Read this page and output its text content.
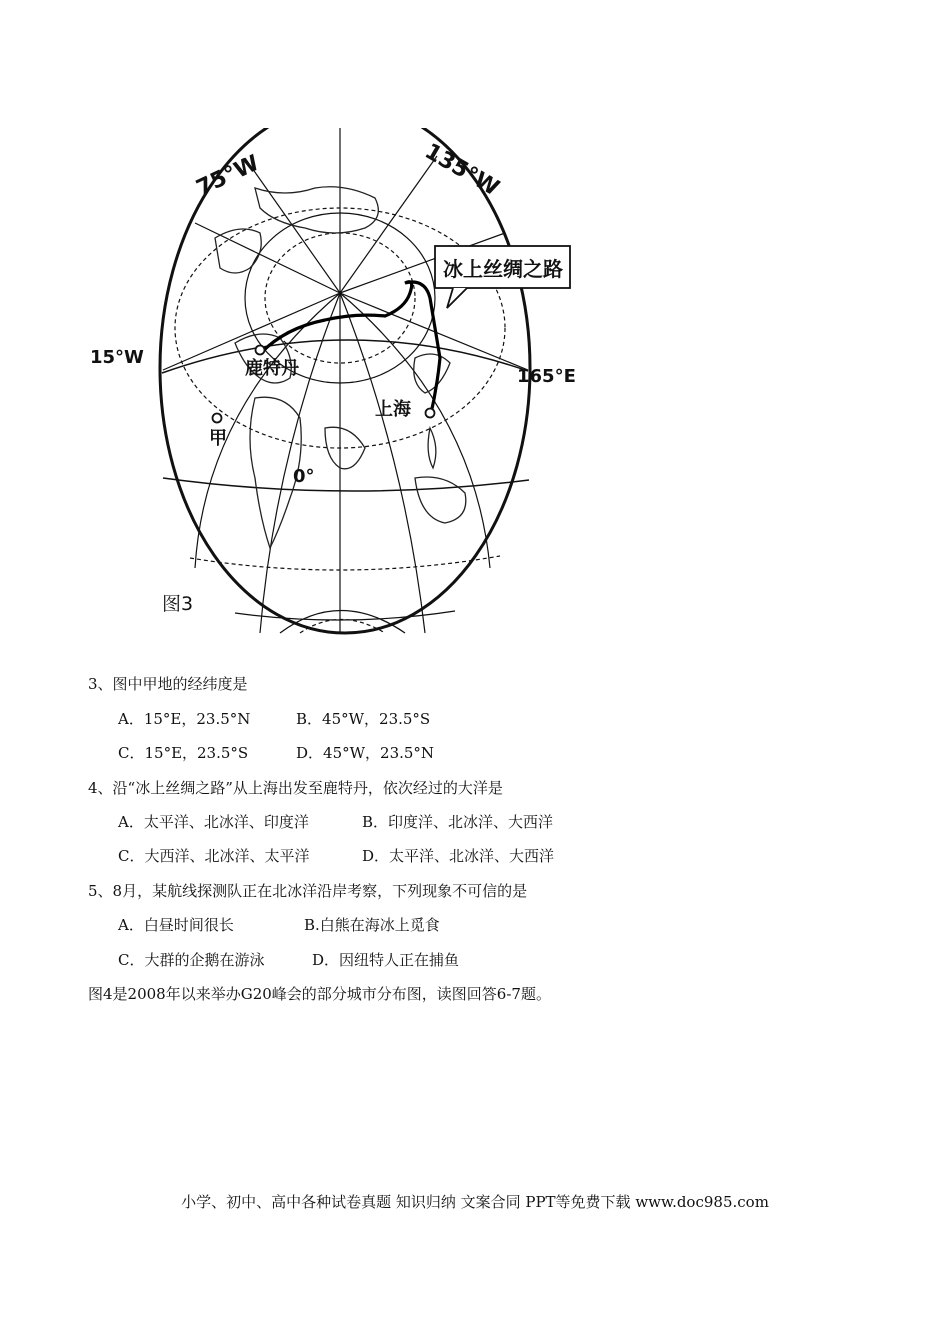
冰上丝绸之路
75°W	135°W
15°W
165°E
0°
鹿特丹
上海
甲
图3
3、图中甲地的经纬度是
A．15°E，23.5°N	B．45°W，23.5°S
C．15°E，23.5°S	D．45°W，23.5°N
4、沿“冰上丝绸之路”从上海出发至鹿特丹，依次经过的大洋是
A．太平洋、北冰洋、印度洋	B．印度洋、北冰洋、大西洋
C．大西洋、北冰洋、太平洋	D．太平洋、北冰洋、大西洋
5、8月，某航线探测队正在北冰洋沿岸考察，下列现象不可信的是
A．白昼时间很长	B.白熊在海冰上觅食
C．大群的企鹅在游泳	D．因纽特人正在捕鱼
图4是2008年以来举办G20峰会的部分城市分布图，读图回答6-7题。
小学、初中、高中各种试卷真题 知识归纳 文案合同 PPT等免费下载 www.doc985.com
